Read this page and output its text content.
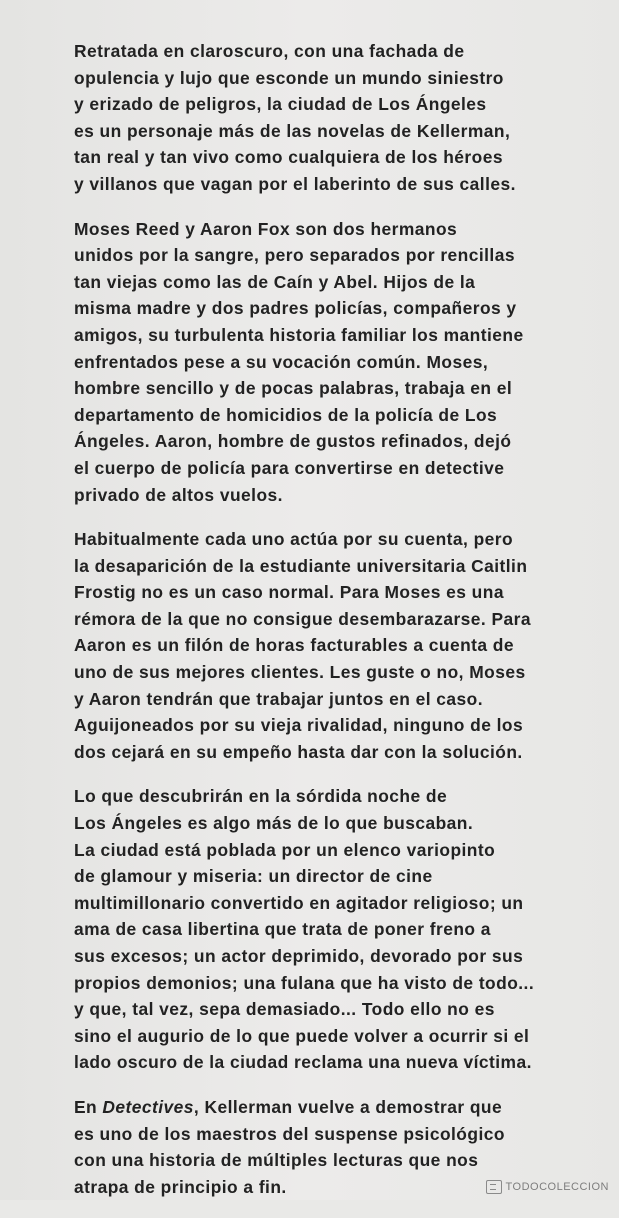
Retratada en claroscuro, con una fachada de
opulencia y lujo que esconde un mundo siniestro
y erizado de peligros, la ciudad de Los Ángeles
es un personaje más de las novelas de Kellerman,
tan real y tan vivo como cualquiera de los héroes
y villanos que vagan por el laberinto de sus calles.

Moses Reed y Aaron Fox son dos hermanos
unidos por la sangre, pero separados por rencillas
tan viejas como las de Caín y Abel. Hijos de la
misma madre y dos padres policías, compañeros y
amigos, su turbulenta historia familiar los mantiene
enfrentados pese a su vocación común. Moses,
hombre sencillo y de pocas palabras, trabaja en el
departamento de homicidios de la policía de Los
Ángeles. Aaron, hombre de gustos refinados, dejó
el cuerpo de policía para convertirse en detective
privado de altos vuelos.

Habitualmente cada uno actúa por su cuenta, pero
la desaparición de la estudiante universitaria Caitlin
Frostig no es un caso normal. Para Moses es una
rémora de la que no consigue desembarazarse. Para
Aaron es un filón de horas facturables a cuenta de
uno de sus mejores clientes. Les guste o no, Moses
y Aaron tendrán que trabajar juntos en el caso.
Aguijoneados por su vieja rivalidad, ninguno de los
dos cejará en su empeño hasta dar con la solución.

Lo que descubrirán en la sórdida noche de
Los Ángeles es algo más de lo que buscaban.
La ciudad está poblada por un elenco variopinto
de glamour y miseria: un director de cine
multimillonario convertido en agitador religioso; un
ama de casa libertina que trata de poner freno a
sus excesos; un actor deprimido, devorado por sus
propios demonios; una fulana que ha visto de todo...
y que, tal vez, sepa demasiado... Todo ello no es
sino el augurio de lo que puede volver a ocurrir si el
lado oscuro de la ciudad reclama una nueva víctima.

En Detectives, Kellerman vuelve a demostrar que
es uno de los maestros del suspense psicológico
con una historia de múltiples lecturas que nos
atrapa de principio a fin.	TODOCOLECCION
